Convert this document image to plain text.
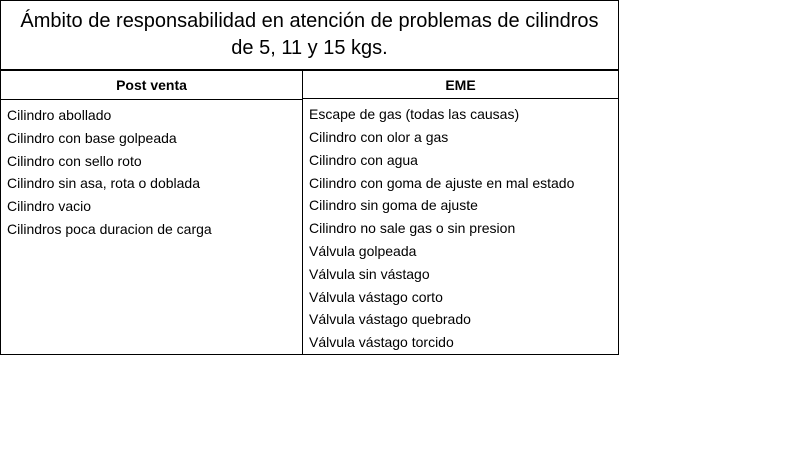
Ámbito de responsabilidad en atención de problemas de cilindros de 5, 11 y 15 kgs.
Post venta
Cilindro abollado
Cilindro con base golpeada
Cilindro con sello roto
Cilindro sin asa, rota o doblada
Cilindro vacio
Cilindros poca duracion de carga
EME
Escape de gas (todas las causas)
Cilindro con olor a gas
Cilindro con agua
Cilindro con goma de ajuste en mal estado
Cilindro sin goma de ajuste
Cilindro no sale gas o sin presion
Válvula golpeada
Válvula sin vástago
Válvula vástago corto
Válvula vástago quebrado
Válvula vástago torcido
